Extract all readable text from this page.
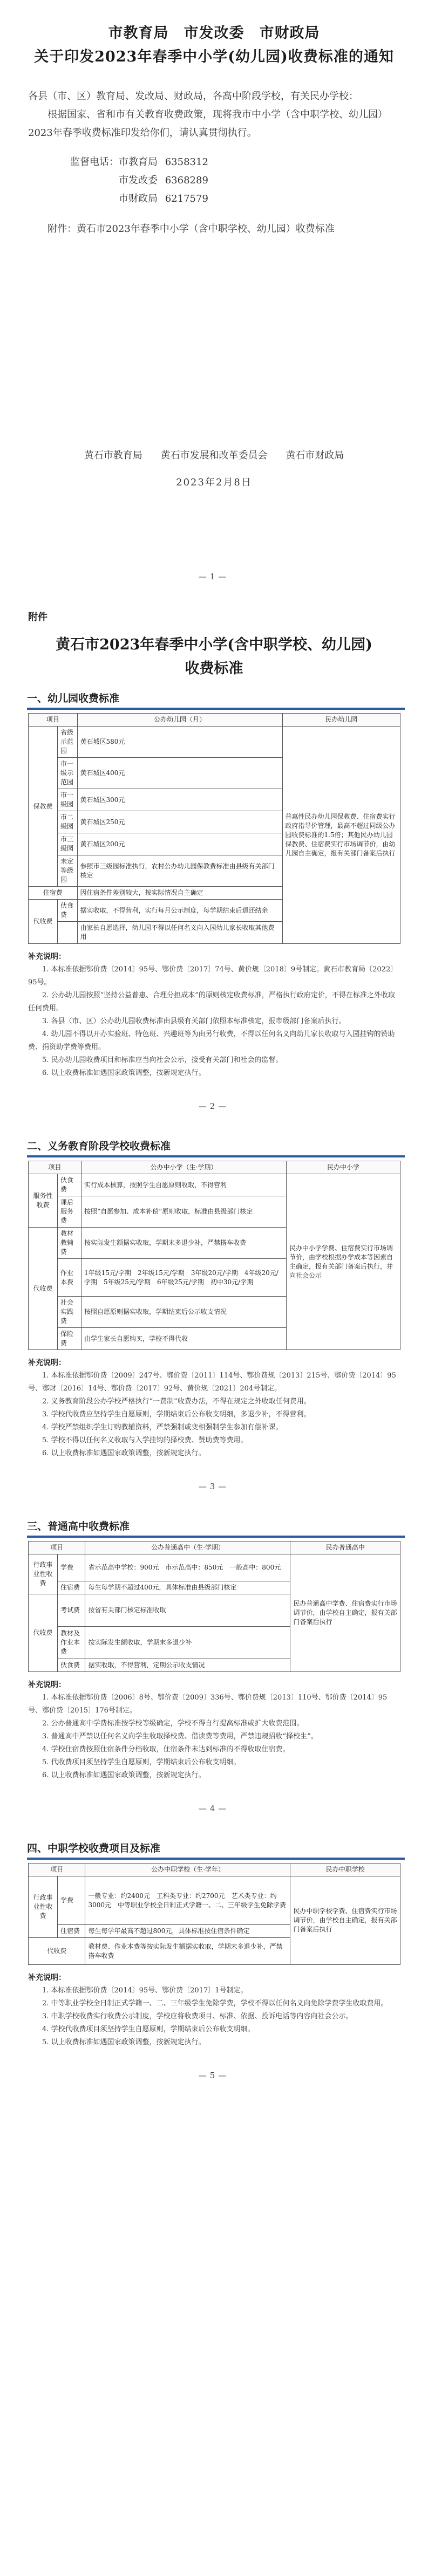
市教育局　市发改委　市财政局
关于印发2023年春季中小学(幼儿园)收费标准的通知
各县（市、区）教育局、发改局、财政局，各高中阶段学校，有关民办学校：
根据国家、省和市有关教育收费政策，现将我市中小学（含中职学校、幼儿园）2023年春季收费标准印发给你们，请认真贯彻执行。
监督电话：市教育局 6358312
市发改委 6368289
市财政局 6217579
附件：黄石市2023年春季中小学（含中职学校、幼儿园）收费标准
黄石市教育局 黄石市发展和改革委员会 黄石市财政局
2023年2月8日
—1—
附件
黄石市2023年春季中小学(含中职学校、幼儿园)
收费标准
一、幼儿园收费标准
项目		公办幼儿园（月）	民办幼儿园
保教费	省级示范园	黄石城区580元	普惠性民办幼儿园保教费、住宿费实行政府指导价管理，最高不超过同级公办园收费标准的1.5倍；其他民办幼儿园保教费、住宿费实行市场调节价，由幼儿园自主确定，报有关部门备案后执行
	市一级示范园	黄石城区400元	
	市一级园	黄石城区300元	
	市二级园	黄石城区250元	
	市三级园	黄石城区200元	
	未定等级园	参照市三级园标准执行，农村公办幼儿园保教费标准由县级有关部门核定	
住宿费		因住宿条件差别较大，按实际情况自主确定	
代收费	伙食费	据实收取，不得营利，实行每月公示制度，每学期结束后退还结余	
		由家长自愿选择，幼儿园不得以任何名义向入园幼儿家长收取其他费用	
补充说明：
1. 本标准依据鄂价费〔2014〕95号、鄂价费〔2017〕74号、黄价规〔2018〕9号制定。黄石市教育局〔2022〕95号。
2. 公办幼儿园按照“坚持公益普惠、合理分担成本”的原则核定收费标准，严格执行政府定价，不得在标准之外收取任何费用。
3. 各县（市、区）公办幼儿园收费标准由县级有关部门依照本标准核定，报市级部门备案后执行。
4. 幼儿园不得以开办实验班、特色班、兴趣班等为由另行收费，不得以任何名义向幼儿家长收取与入园挂钩的赞助费、捐资助学费等费用。
5. 民办幼儿园收费项目和标准应当向社会公示，接受有关部门和社会的监督。
6. 以上收费标准如遇国家政策调整，按新规定执行。
—2—
二、义务教育阶段学校收费标准
项目		公办中小学（生·学期）	民办中小学
服务性收费	伙食费	实行成本核算，按照学生自愿原则收取，不得营利	民办中小学学费、住宿费实行市场调节价，由学校根据办学成本等因素自主确定，报有关部门备案后执行，并向社会公示
	课后服务费	按照“自愿参加、成本补偿”原则收取，标准由县级部门核定	
代收费	教材教辅费	按实际发生额据实收取，学期末多退少补，严禁搭车收费	
	作业本费	1年级15元/学期　2年级15元/学期　3年级20元/学期　4年级20元/学期　5年级25元/学期　6年级25元/学期　初中30元/学期	
	社会实践费	按照自愿原则据实收取，学期结束后公示收支情况	
	保险费	由学生家长自愿购买，学校不得代收	
补充说明：
1. 本标准依据鄂价费〔2009〕247号、鄂价费〔2011〕114号、鄂价费规〔2013〕215号、鄂价费〔2014〕95号、鄂财〔2016〕14号、鄂价费〔2017〕92号、黄价规〔2021〕204号制定。
2. 义务教育阶段公办学校严格执行“一费制”收费办法，不得在规定之外收取任何费用。
3. 学校代收费应坚持学生自愿原则，学期结束后公布收支明细，多退少补，不得营利。
4. 学校严禁组织学生订购教辅资料，严禁强制或变相强制学生参加有偿补课。
5. 学校不得以任何名义收取与入学挂钩的择校费、赞助费等费用。
6. 以上收费标准如遇国家政策调整，按新规定执行。
—3—
三、普通高中收费标准
项目		公办普通高中（生·学期）	民办普通高中
行政事业性收费	学费	省示范高中学校：900元　市示范高中：850元　一般高中：800元	民办普通高中学费、住宿费实行市场调节价，由学校自主确定，报有关部门备案后执行
	住宿费	每生每学期不超过400元，具体标准由县级部门核定	
代收费	考试费	按省有关部门核定标准收取	
	教材及作业本费	按实际发生额收取，学期末多退少补	
	伙食费	据实收取，不得营利，定期公示收支情况	
补充说明：
1. 本标准依据鄂价费〔2006〕8号、鄂价费〔2009〕336号、鄂价费规〔2013〕110号、鄂价费〔2014〕95号、鄂价费〔2015〕176号制定。
2. 公办普通高中学费标准按学校等级确定，学校不得自行提高标准或扩大收费范围。
3. 普通高中严禁以任何名义向学生收取择校费、借读费等费用，严禁违规招收“择校生”。
4. 学校住宿费按照住宿条件分档收取，住宿条件未达到标准的不得收取住宿费。
5. 代收费项目须坚持学生自愿原则，学期结束后公布收支明细。
6. 以上收费标准如遇国家政策调整，按新规定执行。
—4—
四、中职学校收费项目及标准
项目		公办中职学校（生·学年）	民办中职学校
行政事业性收费	学费	一般专业：约2400元　工科类专业：约2700元　艺术类专业：约3000元　中等职业学校全日制正式学籍一、二、三年级学生免除学费	民办中职学校学费、住宿费实行市场调节价，由学校自主确定，报有关部门备案后执行
	住宿费	每生每学年最高不超过800元，具体标准按住宿条件确定	
代收费		教材费、作业本费等按实际发生额据实收取，学期末多退少补，严禁搭车收费	
补充说明：
1. 本标准依据鄂价费〔2014〕95号、鄂价费〔2017〕1号制定。
2. 中等职业学校全日制正式学籍一、二、三年级学生免除学费，学校不得以任何名义向免除学费学生收取费用。
3. 中职学校收费实行收费公示制度，学校应将收费项目、标准、依据、投诉电话等内容向社会公示。
4. 学校代收费项目须坚持学生自愿原则，学期结束后公布收支明细。
5. 以上收费标准如遇国家政策调整，按新规定执行。
—5—
